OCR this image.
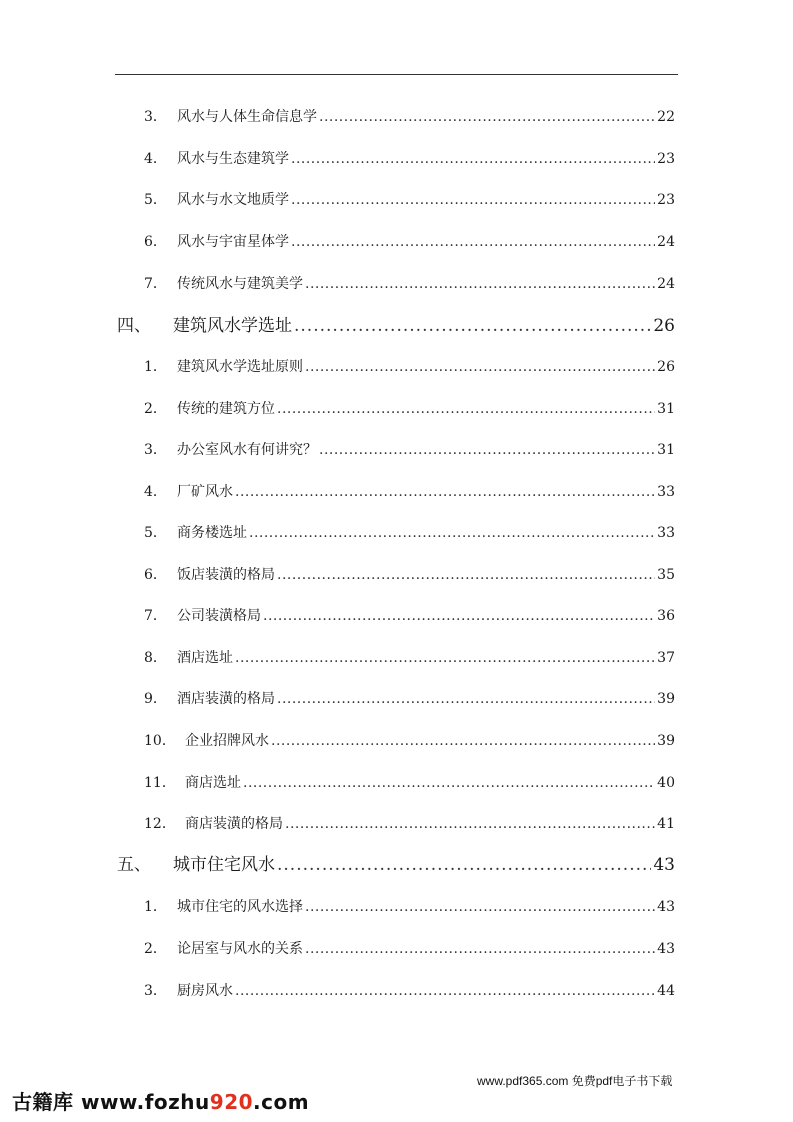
3． 风水与人体生命信息学 .....	22
4． 风水与生态建筑学 .....	23
5． 风水与水文地质学 .....	23
6． 风水与宇宙星体学 .....	24
7． 传统风水与建筑美学 .....	24
四、	建筑风水学选址 .....	26
1． 建筑风水学选址原则 .....	26
2． 传统的建筑方位 .....	31
3． 办公室风水有何讲究？ .....	31
4． 厂矿风水 .....	33
5． 商务楼选址 .....	33
6． 饭店装潢的格局 .....	35
7． 公司装潢格局 .....	36
8． 酒店选址 .....	37
9． 酒店装潢的格局 .....	39
10． 企业招牌风水 .....	39
11． 商店选址 .....	40
12． 商店装潢的格局 .....	41
五、	城市住宅风水 .....	43
1． 城市住宅的风水选择 .....	43
2． 论居室与风水的关系 .....	43
3． 厨房风水 .....	44
www.pdf365.com 免费pdf电子书下载
古籍库 www.fozhu920.com
